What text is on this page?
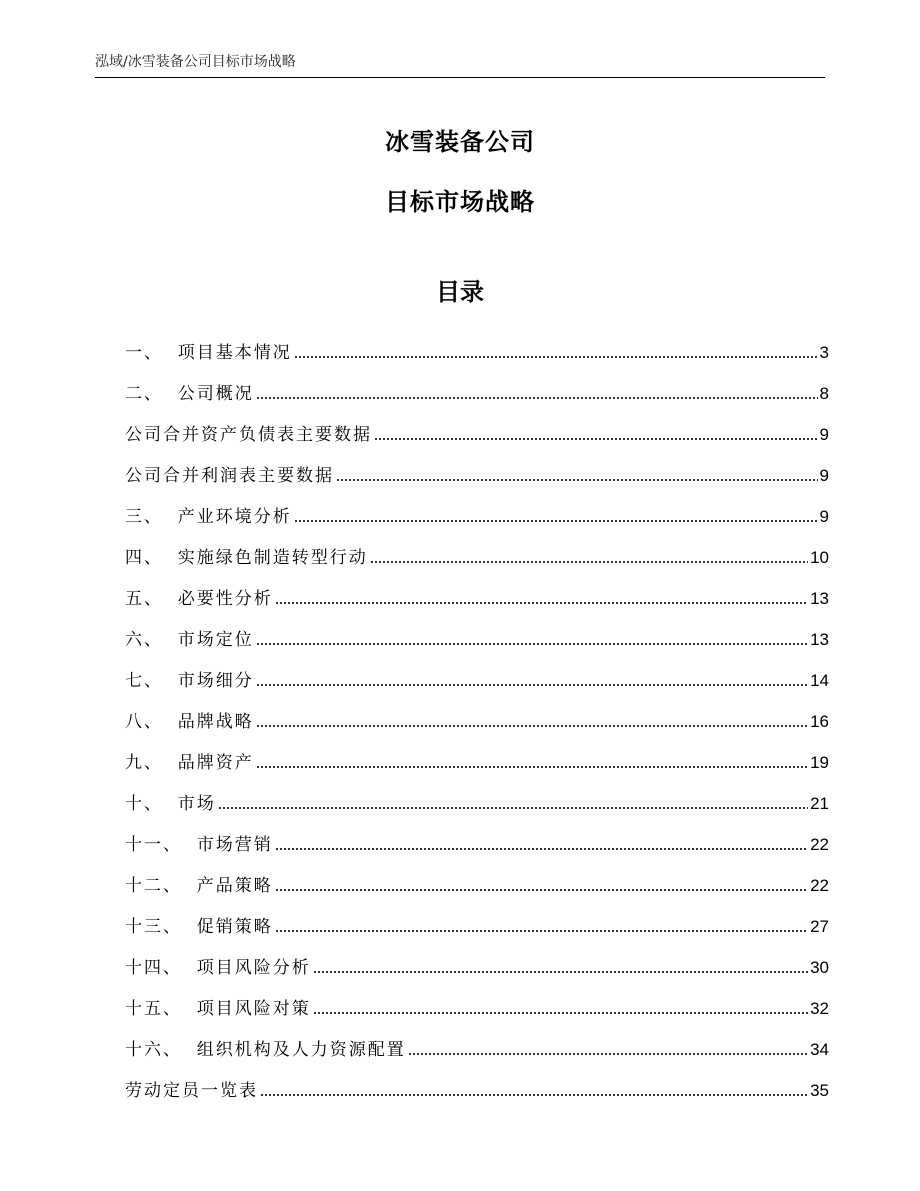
泓域/冰雪装备公司目标市场战略
冰雪装备公司
目标市场战略
目录
一、  项目基本情况	3
二、  公司概况	8
公司合并资产负债表主要数据	9
公司合并利润表主要数据	9
三、  产业环境分析	9
四、  实施绿色制造转型行动	10
五、  必要性分析	13
六、  市场定位	13
七、  市场细分	14
八、  品牌战略	16
九、  品牌资产	19
十、  市场	21
十一、  市场营销	22
十二、  产品策略	22
十三、  促销策略	27
十四、  项目风险分析	30
十五、  项目风险对策	32
十六、  组织机构及人力资源配置	34
劳动定员一览表	35
